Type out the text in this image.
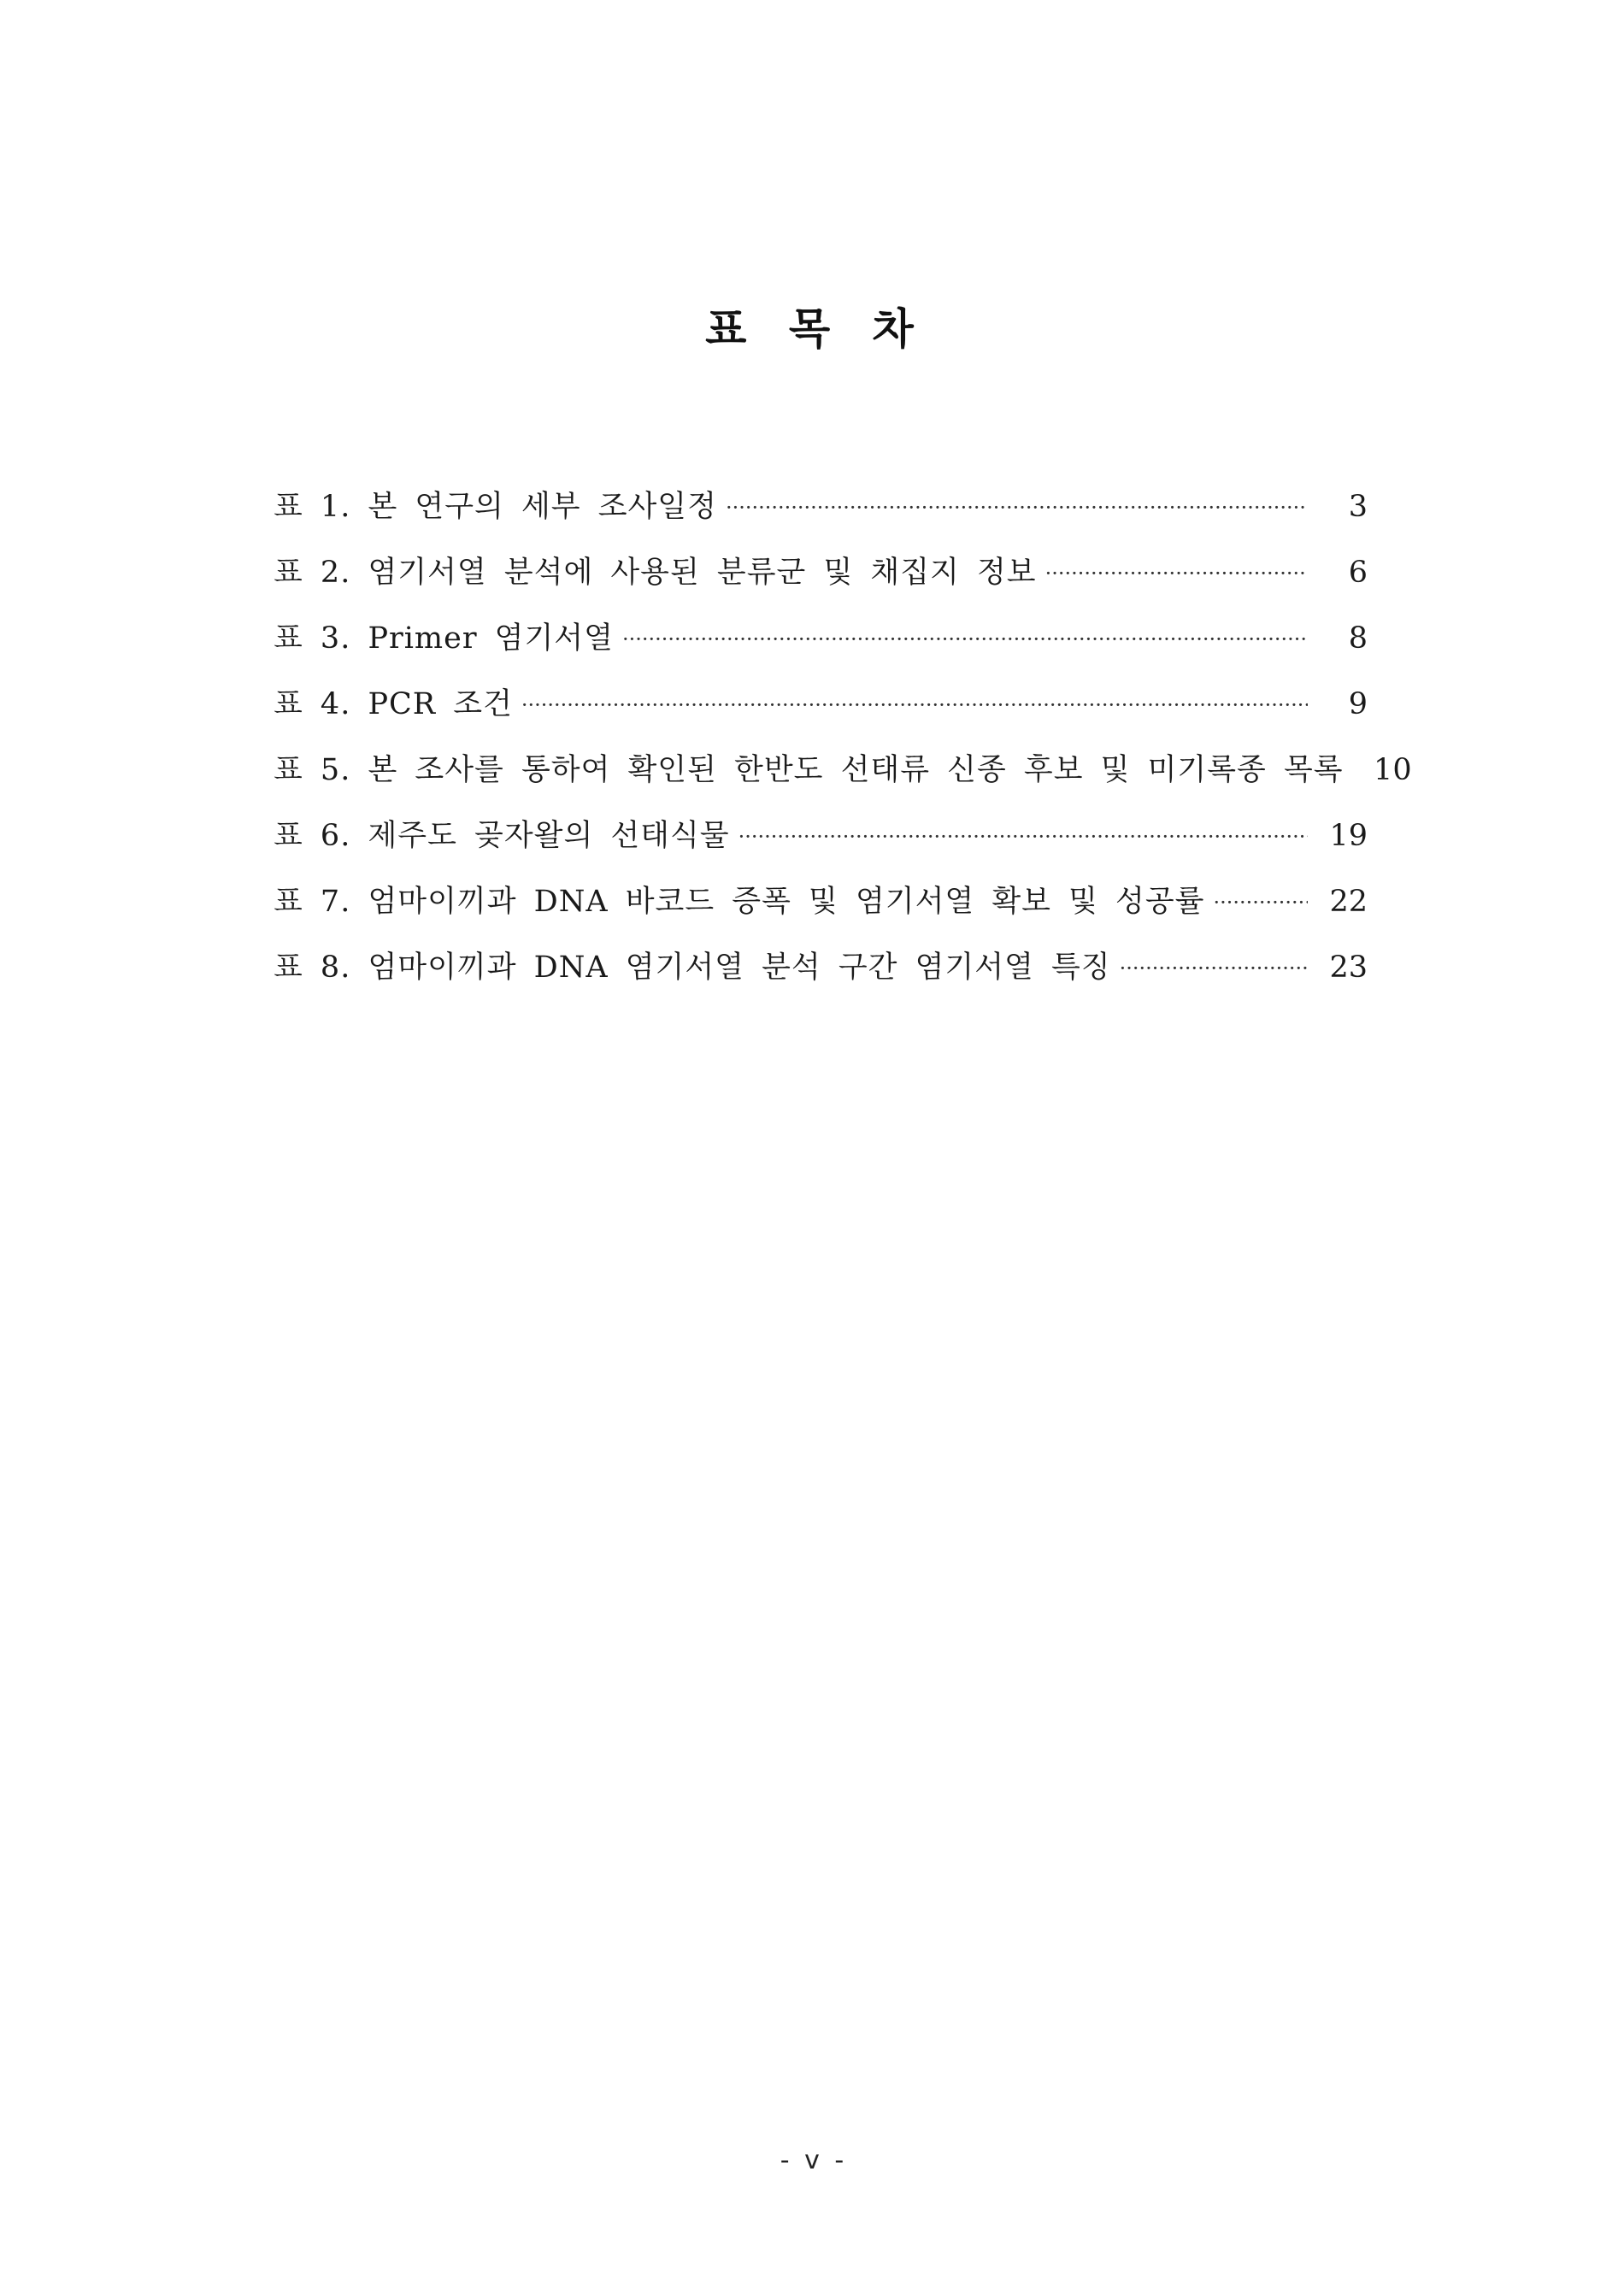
표 목 차
표 1. 본 연구의 세부 조사일정 ·····	3
표 2. 염기서열 분석에 사용된 분류군 및 채집지 정보 ·····	6
표 3. Primer 염기서열 ·····	8
표 4. PCR 조건 ·····	9
표 5. 본 조사를 통하여 확인된 한반도 선태류 신종 후보 및 미기록종 목록	10
표 6. 제주도 곶자왈의 선태식물 ·····	19
표 7. 엄마이끼과 DNA 바코드 증폭 및 염기서열 확보 및 성공률 ·····	22
표 8. 엄마이끼과 DNA 염기서열 분석 구간 염기서열 특징 ·····	23
- v -
